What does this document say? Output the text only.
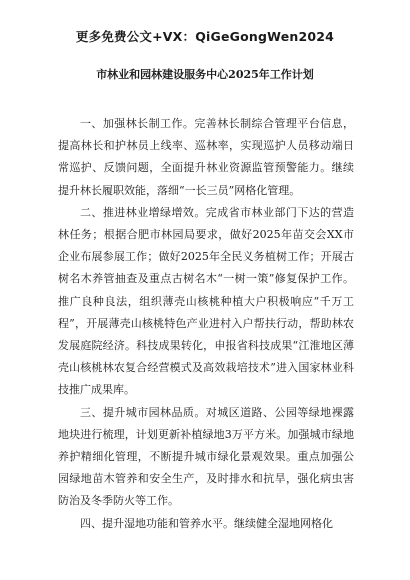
更多免费公文+VX：QiGeGongWen2024
市林业和园林建设服务中心2025年工作计划

一、加强林长制工作。完善林长制综合管理平台信息，提高林长和护林员上线率、巡林率，实现巡护人员移动端日常巡护、反馈问题，全面提升林业资源监管预警能力。继续提升林长履职效能，落细“一长三员”网格化管理。

二、推进林业增绿增效。完成省市林业部门下达的营造林任务；根据合肥市林园局要求，做好2025年苗交会XX市企业布展参展工作；做好2025年全民义务植树工作；开展古树名木养管抽查及重点古树名木“一树一策”修复保护工作。推广良种良法，组织薄壳山核桃种植大户积极响应“千万工程”，开展薄壳山核桃特色产业进村入户帮扶行动，帮助林农发展庭院经济。科技成果转化，申报省科技成果“江淮地区薄壳山核桃林农复合经营模式及高效栽培技术”进入国家林业科技推广成果库。

三、提升城市园林品质。对城区道路、公园等绿地裸露地块进行梳理，计划更新补植绿地3万平方米。加强城市绿地养护精细化管理，不断提升城市绿化景观效果。重点加强公园绿地苗木管养和安全生产，及时排水和抗旱，强化病虫害防治及冬季防火等工作。

四、提升湿地功能和管养水平。继续健全湿地网格化
